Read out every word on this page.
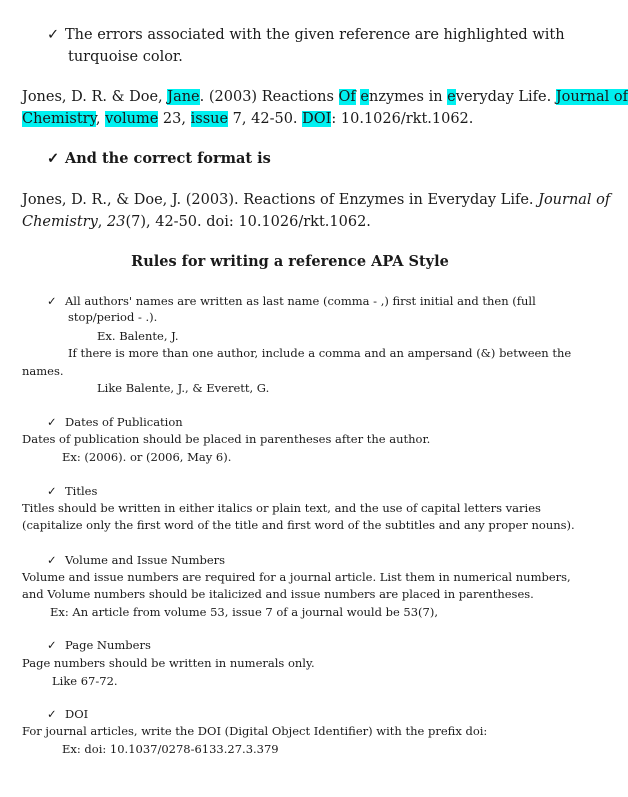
✓ The errors associated with the given reference are highlighted with
turquoise color.
Jones, D. R. & Doe, Jane. (2003) Reactions Of enzymes in everyday Life. Journal of
Chemistry, volume 23, issue 7, 42-50. DOI: 10.1026/rkt.1062.
✓ And the correct format is
Jones, D. R., & Doe, J. (2003). Reactions of Enzymes in Everyday Life. Journal of
Chemistry, 23(7), 42-50. doi: 10.1026/rkt.1062.
Rules for writing a reference APA Style
✓ All authors' names are written as last name (comma - ,) first initial and then (full
stop/period - .).
Ex. Balente, J.
If there is more than one author, include a comma and an ampersand (&) between the
names.
Like Balente, J., & Everett, G.
✓ Dates of Publication
Dates of publication should be placed in parentheses after the author.
Ex: (2006). or (2006, May 6).
✓ Titles
Titles should be written in either italics or plain text, and the use of capital letters varies
(capitalize only the first word of the title and first word of the subtitles and any proper nouns).
✓ Volume and Issue Numbers
Volume and issue numbers are required for a journal article. List them in numerical numbers,
and Volume numbers should be italicized and issue numbers are placed in parentheses.
Ex: An article from volume 53, issue 7 of a journal would be 53(7),
✓ Page Numbers
Page numbers should be written in numerals only.
Like 67-72.
✓ DOI
For journal articles, write the DOI (Digital Object Identifier) with the prefix doi:
Ex: doi: 10.1037/0278-6133.27.3.379
